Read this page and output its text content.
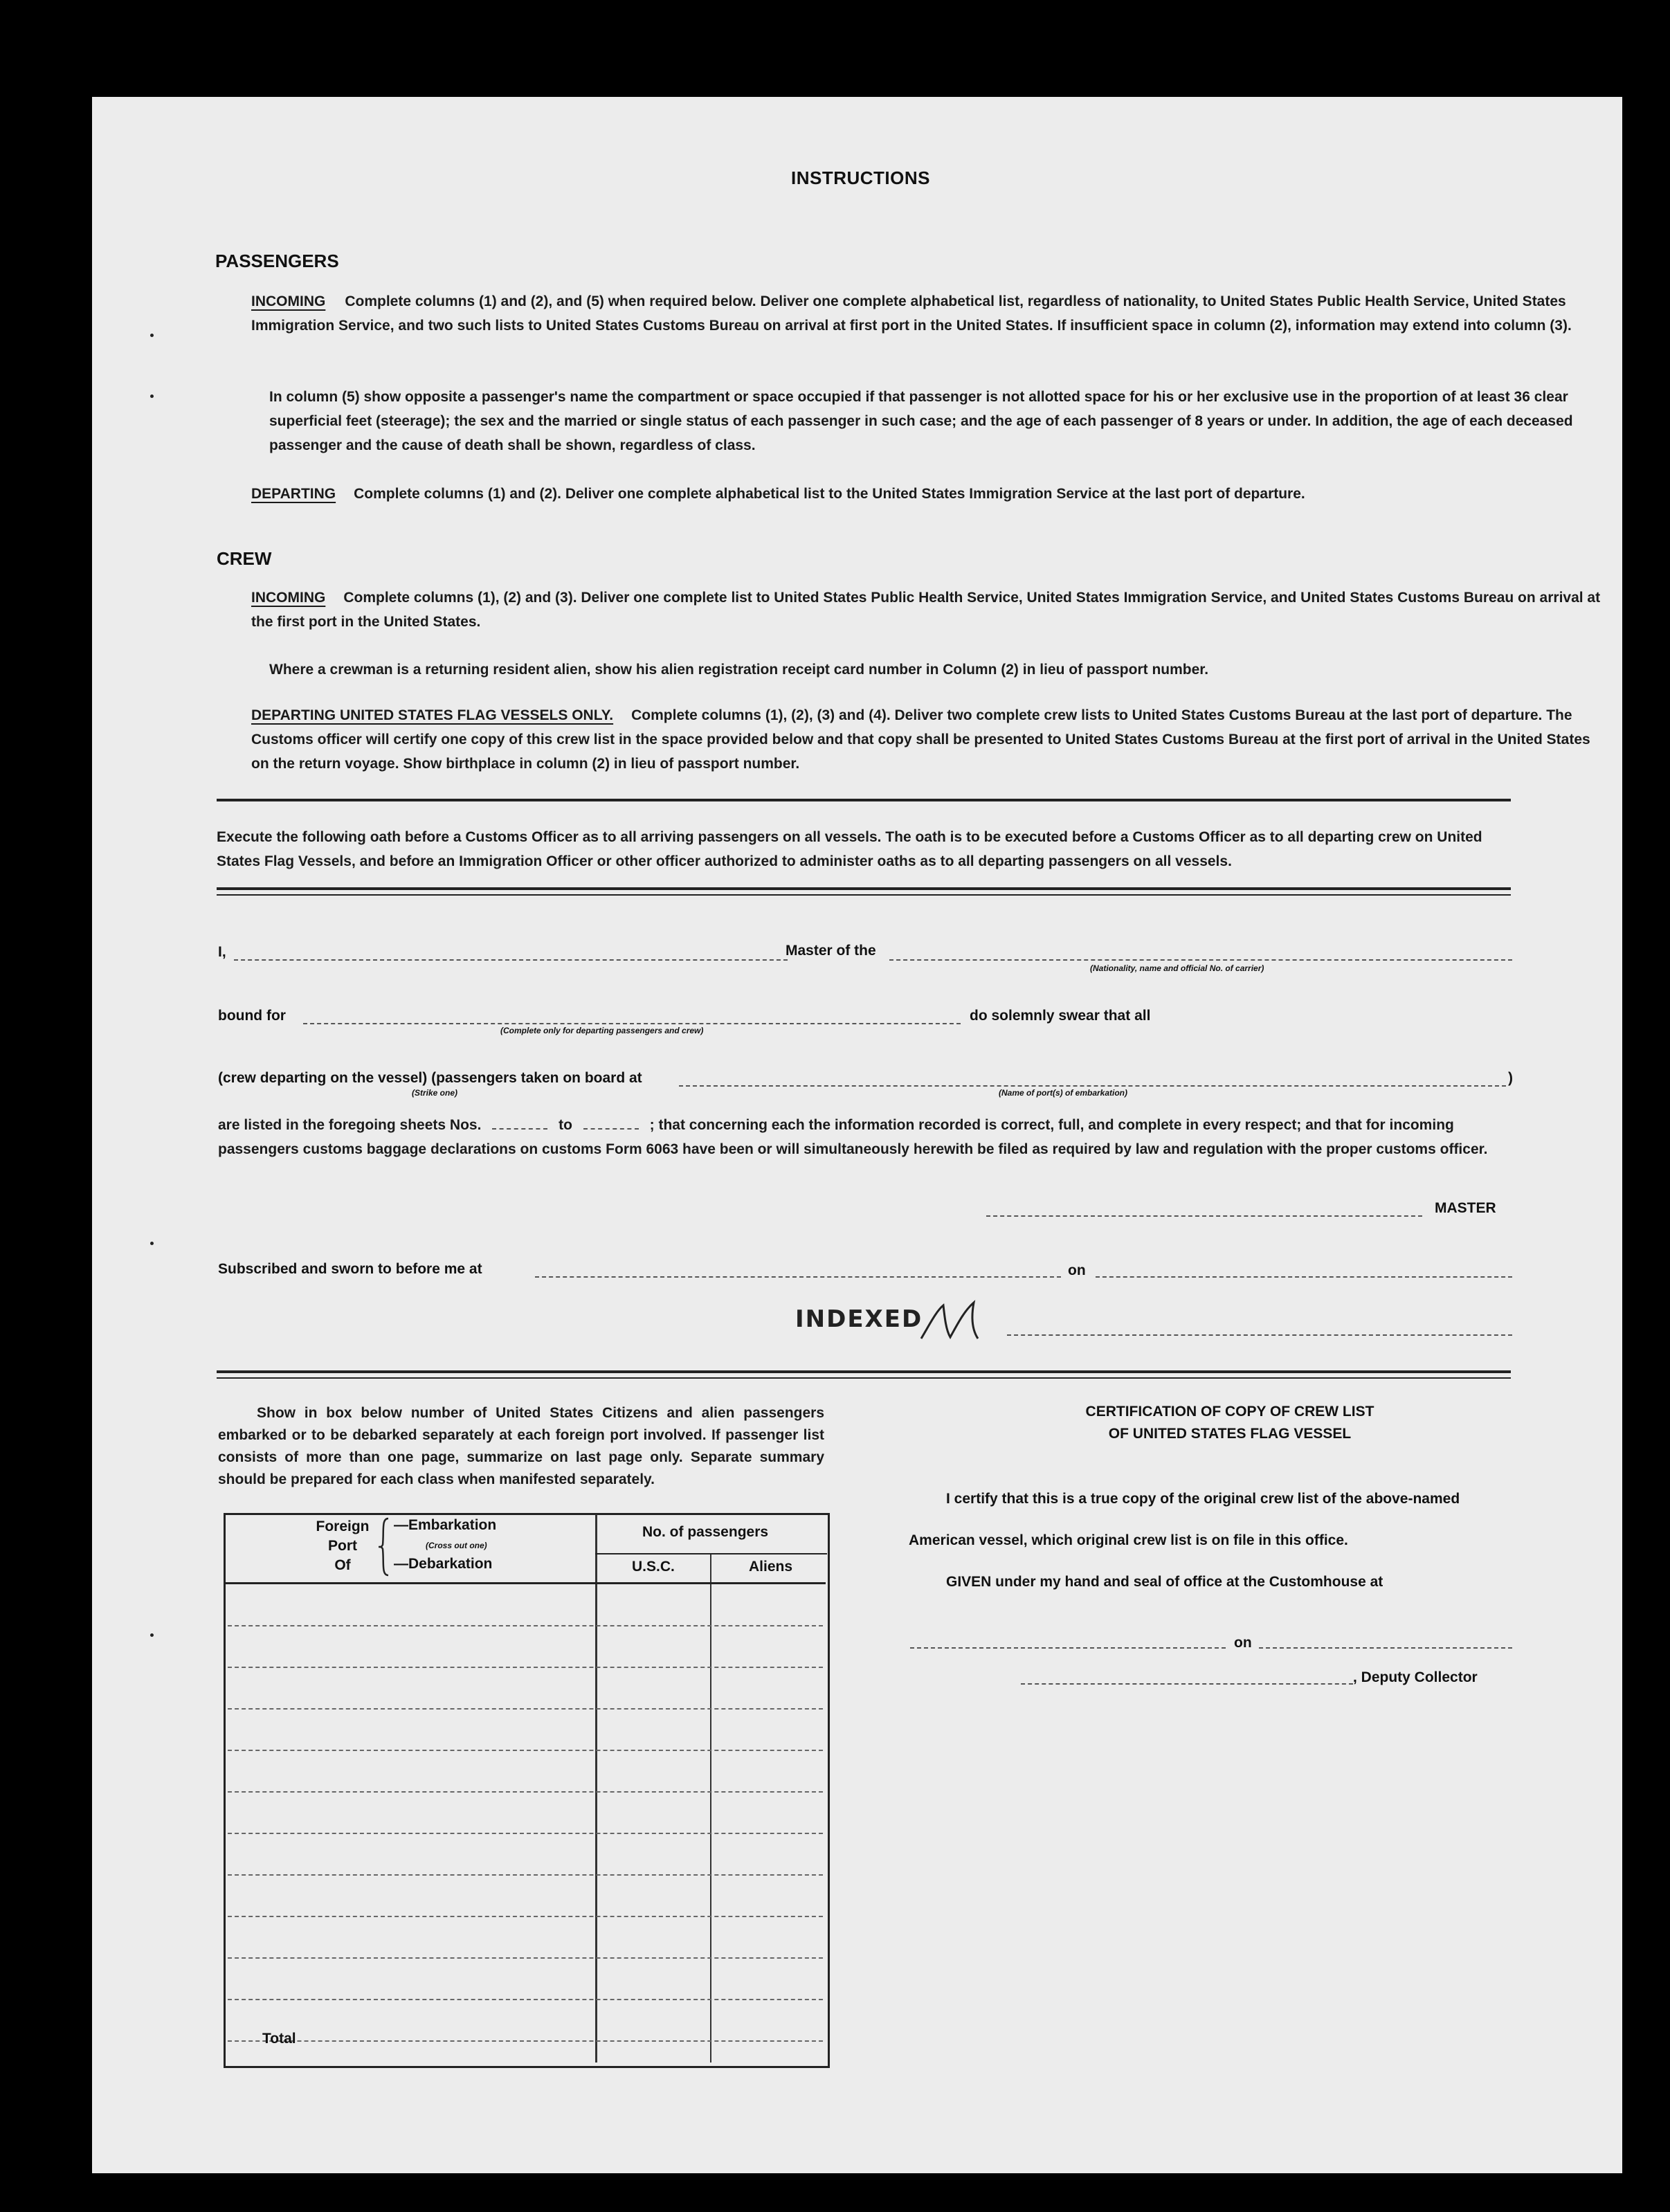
INSTRUCTIONS
PASSENGERS
INCOMING Complete columns (1) and (2), and (5) when required below. Deliver one complete alphabetical list, regardless of nationality, to United States Public Health Service, United States Immigration Service, and two such lists to United States Customs Bureau on arrival at first port in the United States. If insufficient space in column (2), information may extend into column (3).
In column (5) show opposite a passenger's name the compartment or space occupied if that passenger is not allotted space for his or her exclusive use in the proportion of at least 36 clear superficial feet (steerage); the sex and the married or single status of each passenger in such case; and the age of each passenger of 8 years or under. In addition, the age of each deceased passenger and the cause of death shall be shown, regardless of class.
DEPARTING Complete columns (1) and (2). Deliver one complete alphabetical list to the United States Immigration Service at the last port of departure.
CREW
INCOMING Complete columns (1), (2) and (3). Deliver one complete list to United States Public Health Service, United States Immigration Service, and United States Customs Bureau on arrival at the first port in the United States.
Where a crewman is a returning resident alien, show his alien registration receipt card number in Column (2) in lieu of passport number.
DEPARTING UNITED STATES FLAG VESSELS ONLY. Complete columns (1), (2), (3) and (4). Deliver two complete crew lists to United States Customs Bureau at the last port of departure. The Customs officer will certify one copy of this crew list in the space provided below and that copy shall be presented to United States Customs Bureau at the first port of arrival in the United States on the return voyage. Show birthplace in column (2) in lieu of passport number.
Execute the following oath before a Customs Officer as to all arriving passengers on all vessels. The oath is to be executed before a Customs Officer as to all departing crew on United States Flag Vessels, and before an Immigration Officer or other officer authorized to administer oaths as to all departing passengers on all vessels.
I,	Master of the
(Nationality, name and official No. of carrier)
bound for
(Complete only for departing passengers and crew)
do solemnly swear that all
(crew departing on the vessel) (passengers taken on board at
(Strike one)	(Name of port(s) of embarkation)
)
are listed in the foregoing sheets Nos.	to	; that concerning each the information recorded is correct, full, and complete in every respect; and that for incoming passengers customs baggage declarations on customs Form 6063 have been or will simultaneously herewith be filed as required by law and regulation with the proper customs officer.
MASTER
Subscribed and sworn to before me at	on
INDEXED
Show in box below number of United States Citizens and alien passengers embarked or to be debarked separately at each foreign port involved. If passenger list consists of more than one page, summarize on last page only. Separate summary should be prepared for each class when manifested separately.
Foreign
Port
Of
—Embarkation
(Cross out one)
—Debarkation
No. of passengers
U.S.C.	Aliens
Total
CERTIFICATION OF COPY OF CREW LIST
OF UNITED STATES FLAG VESSEL
I certify that this is a true copy of the original crew list of the above-named
American vessel, which original crew list is on file in this office.
GIVEN under my hand and seal of office at the Customhouse at
on
, Deputy Collector
